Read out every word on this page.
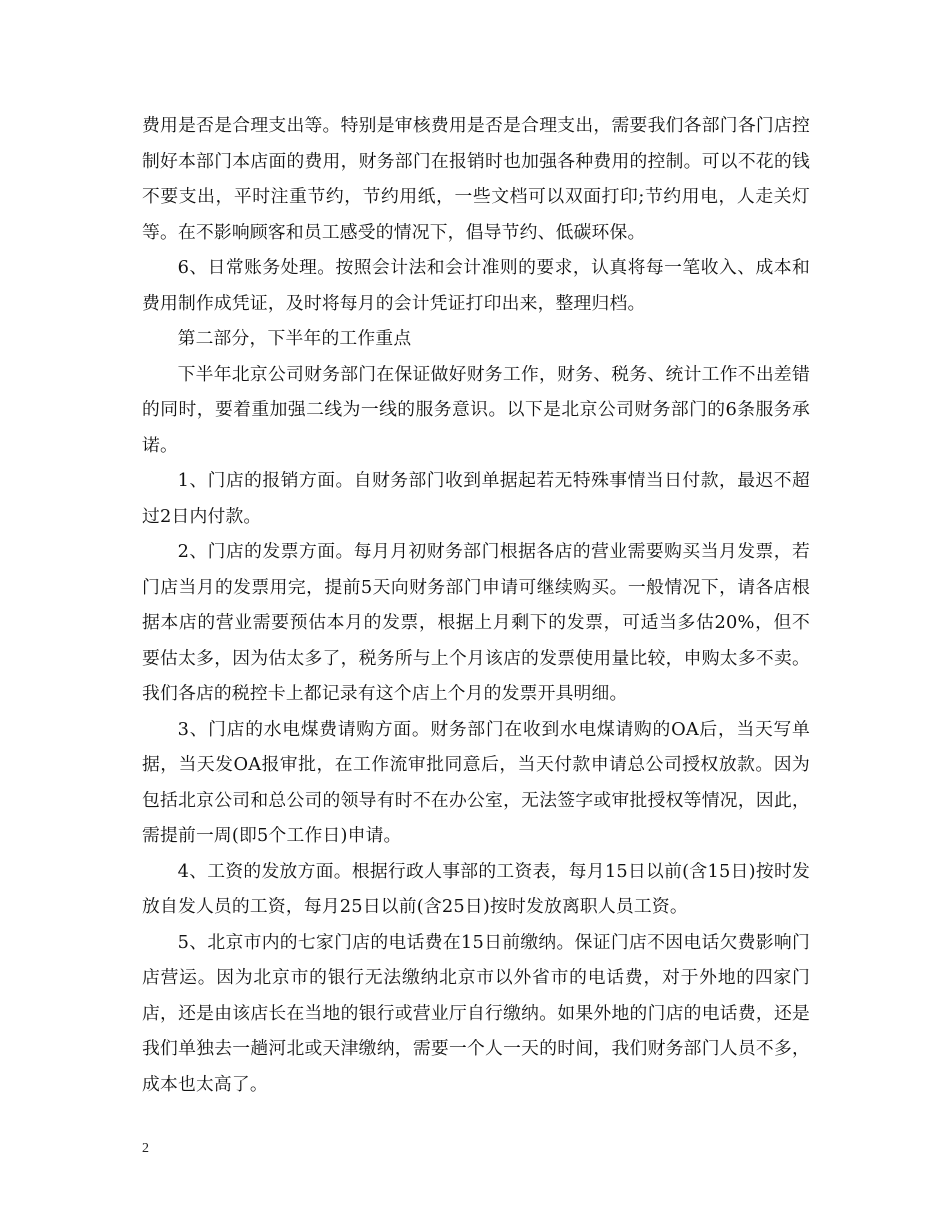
费用是否是合理支出等。特别是审核费用是否是合理支出，需要我们各部门各门店控制好本部门本店面的费用，财务部门在报销时也加强各种费用的控制。可以不花的钱不要支出，平时注重节约，节约用纸，一些文档可以双面打印;节约用电，人走关灯等。在不影响顾客和员工感受的情况下，倡导节约、低碳环保。

6、日常账务处理。按照会计法和会计准则的要求，认真将每一笔收入、成本和费用制作成凭证，及时将每月的会计凭证打印出来，整理归档。

第二部分，下半年的工作重点

下半年北京公司财务部门在保证做好财务工作，财务、税务、统计工作不出差错的同时，要着重加强二线为一线的服务意识。以下是北京公司财务部门的6条服务承诺。

1、门店的报销方面。自财务部门收到单据起若无特殊事情当日付款，最迟不超过2日内付款。

2、门店的发票方面。每月月初财务部门根据各店的营业需要购买当月发票，若门店当月的发票用完，提前5天向财务部门申请可继续购买。一般情况下，请各店根据本店的营业需要预估本月的发票，根据上月剩下的发票，可适当多估20%，但不要估太多，因为估太多了，税务所与上个月该店的发票使用量比较，申购太多不卖。我们各店的税控卡上都记录有这个店上个月的发票开具明细。

3、门店的水电煤费请购方面。财务部门在收到水电煤请购的OA后，当天写单据，当天发OA报审批，在工作流审批同意后，当天付款申请总公司授权放款。因为包括北京公司和总公司的领导有时不在办公室，无法签字或审批授权等情况，因此，需提前一周(即5个工作日)申请。

4、工资的发放方面。根据行政人事部的工资表，每月15日以前(含15日)按时发放自发人员的工资，每月25日以前(含25日)按时发放离职人员工资。

5、北京市内的七家门店的电话费在15日前缴纳。保证门店不因电话欠费影响门店营运。因为北京市的银行无法缴纳北京市以外省市的电话费，对于外地的四家门店，还是由该店长在当地的银行或营业厅自行缴纳。如果外地的门店的电话费，还是我们单独去一趟河北或天津缴纳，需要一个人一天的时间，我们财务部门人员不多，成本也太高了。

2
